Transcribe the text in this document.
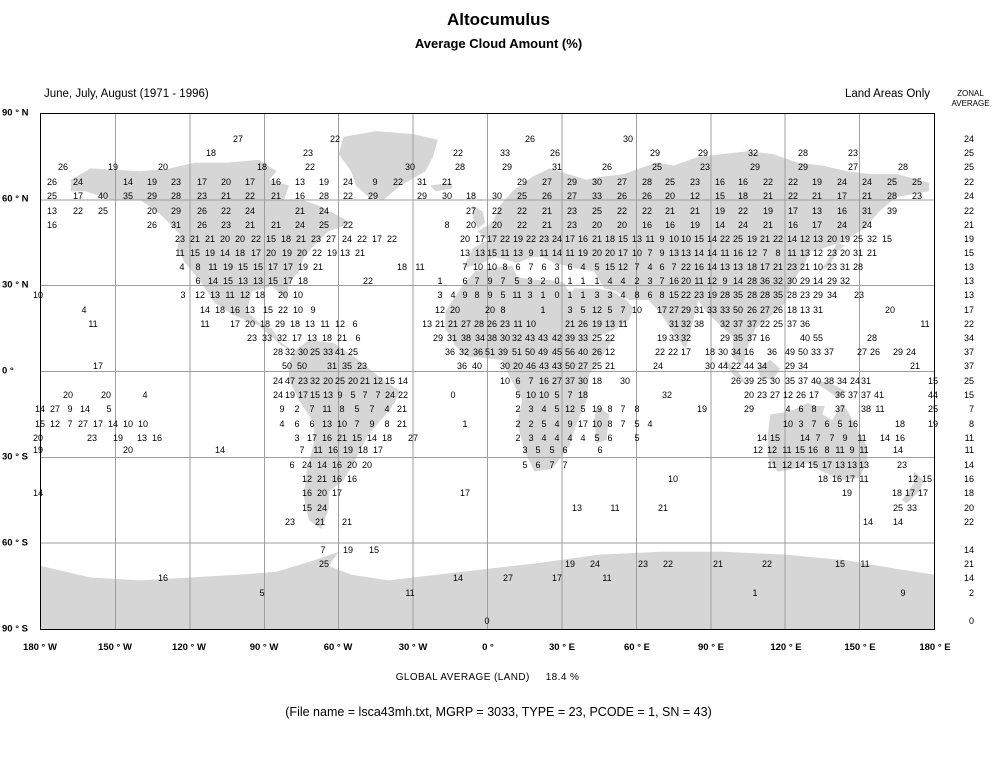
Altocumulus
Average Cloud Amount (%)
June, July, August (1971 - 1996)	Land Areas Only	ZONAL
AVERAGE
27	22	26	30
18	23	22	33	26	29	29	32	28	23
26	19	20	18	22	30	28	29	31	26	25	23	29	29	27	28
26 24	14 19 23 17 20 17 16 13 19 24 9 22 31 21	29 27 29 30 27 28 25 23 16 16 22 22 19 24 24 25 25
25 17 40 35 29 28 23 21 22 21 16 28 22 29	29 30 18 30 25 26 27 33 26 26 20 12 15 18 21 22 21 17 21 28 23
13 22 25	20 29 26 22 24	21 24	27 22 22 21 23 25 22 22 21 21 19 22 19 17 13 16 31 39
16	26 31 26 23 21 21 24 25 22	8 20 20 22 21 23 20 20 16 16 19 14 24 21 16 17 24 24
23 21 21 20 20 22 15 18 21 23 27 24 22 17 22	20 17 17 22 19 22 23 24 17 16 21 18 15 13 11 9 10 10 15 14 22 25 19 21 22 14 12 13 20 19 25 32 15
11 15 19 14 18 17 20 19 20 22 19 13 21	13 13 15 11 13 9 11 14 11 19 20 20 17 10 7 9 13 13 14 14 11 16 12 7 8 11 13 12 23 20 31 21
4 8 11 19 15 15 17 17 19 21	18 11	7 10 10 8 6 7 6 3 6 4 5 15 12 7 4 6 7 22 16 14 13 13 18 17 21 23 21 10 23 31 28
6 14 15 13 13 15 17 18	22	1 6 7 9 7 5 3 2 0 1 1 1 4 4 2 3 7 16 20 11 12 9 14 28 36 32 30 29 14 29 32
10	3 12 13 11 12 18 20 10	3 4 9 8 9 5 11 3 1 0 1 1 3 3 4 8 6 8 15 22 23 19 28 35 28 28 35 28 23 29 34 23
4	14 18 16 13 15 22 10 9	12 20	20 8	1 3 5 12 5 7 10 17 27 29 31 33 33 50 26 27 26 18 13 31	20
11	11 17 20 18 29 18 13 11 12 6	13 21 21 27 28 26 23 11 10	21 26 19 13 11	31 32 38 32 37 37 22 25 37 36	11
23 33 32 17 13 18 21 6	29 31 38 34 38 30 32 43 43 42 39 33 25 22	19 33 32	29 35 37 16	40 55	28
28 32 30 25 33 41 25	36 32 36 51 39 51 50 49 45 56 40 26 12	22 22 17 18 30 34 16 36 49 50 33 37	27 26 29 24
17	50 50 31 35 23	36 40 30 20 46 43 43 50 27 25 21	24	30 44 22 44 34 29 34	21
24 47 23 32 20 25 20 21 12 15 14	10 6 7 16 27 37 30 18 30	26 39 25 30 35 37 40 38 34 24 31	15
20	20	4	24 19 17 15 13 9 5 7 7 24 22	0	5 10 10 5 7 18	32	20 23 27 12 26 17 36 37 37 41	44
14 27 9 14 5	9 2 7 11 8 5 7 4 21	2 3 4 5 12 5 19 8 7 8	19	29	4 6 8 37 38 11	25
15 12 7 27 17 14 10 10	4 6 6 13 10 7 9 8 21	1	2 2 5 4 9 17 10 8 7 5 4	10 3 7 6 5 16	18	19
20	23 19 13 16	3 17 16 21 15 14 18 27	2 3 4 4 4 4 5 6 5	14 15 14 7 7 9 11 14 16
19	20	14	7 11 16 19 18 17	3 5 5 6	6	12 12 11 15 16 8 11 9 11	14
6 24 14 16 20 20	5 6 7 7	11 12 14 15 17 13 13 13	23
12 21 16 16	10	18 16 17 11	12 15
14	16 20 17	17	19	18 17 17
15 24	13	11	21	25 33
23 21 21	14 14
7 19 15
25	19 24	23 22	21	22	15 11
16	14	27	17	11
5	11	1	9
0
24
25
25
22
24
22
21
19
15
13
13
13
17
22
34
37
37
25
15
7
8
11
11
14
16
18
20
22
14
21
14
2
0
90 ° N
60 ° N
30 ° N
0 °
30 ° S
60 ° S
90 ° S
180 ° W	150 ° W	120 ° W	90 ° W	60 ° W	30 ° W	0 °	30 ° E	60 ° E	90 ° E	120 ° E	150 ° E	180 ° E
GLOBAL AVERAGE (LAND) 18.4 %
(File name = lsca43mh.txt, MGRP = 3033, TYPE = 23, PCODE = 1, SN = 43)
